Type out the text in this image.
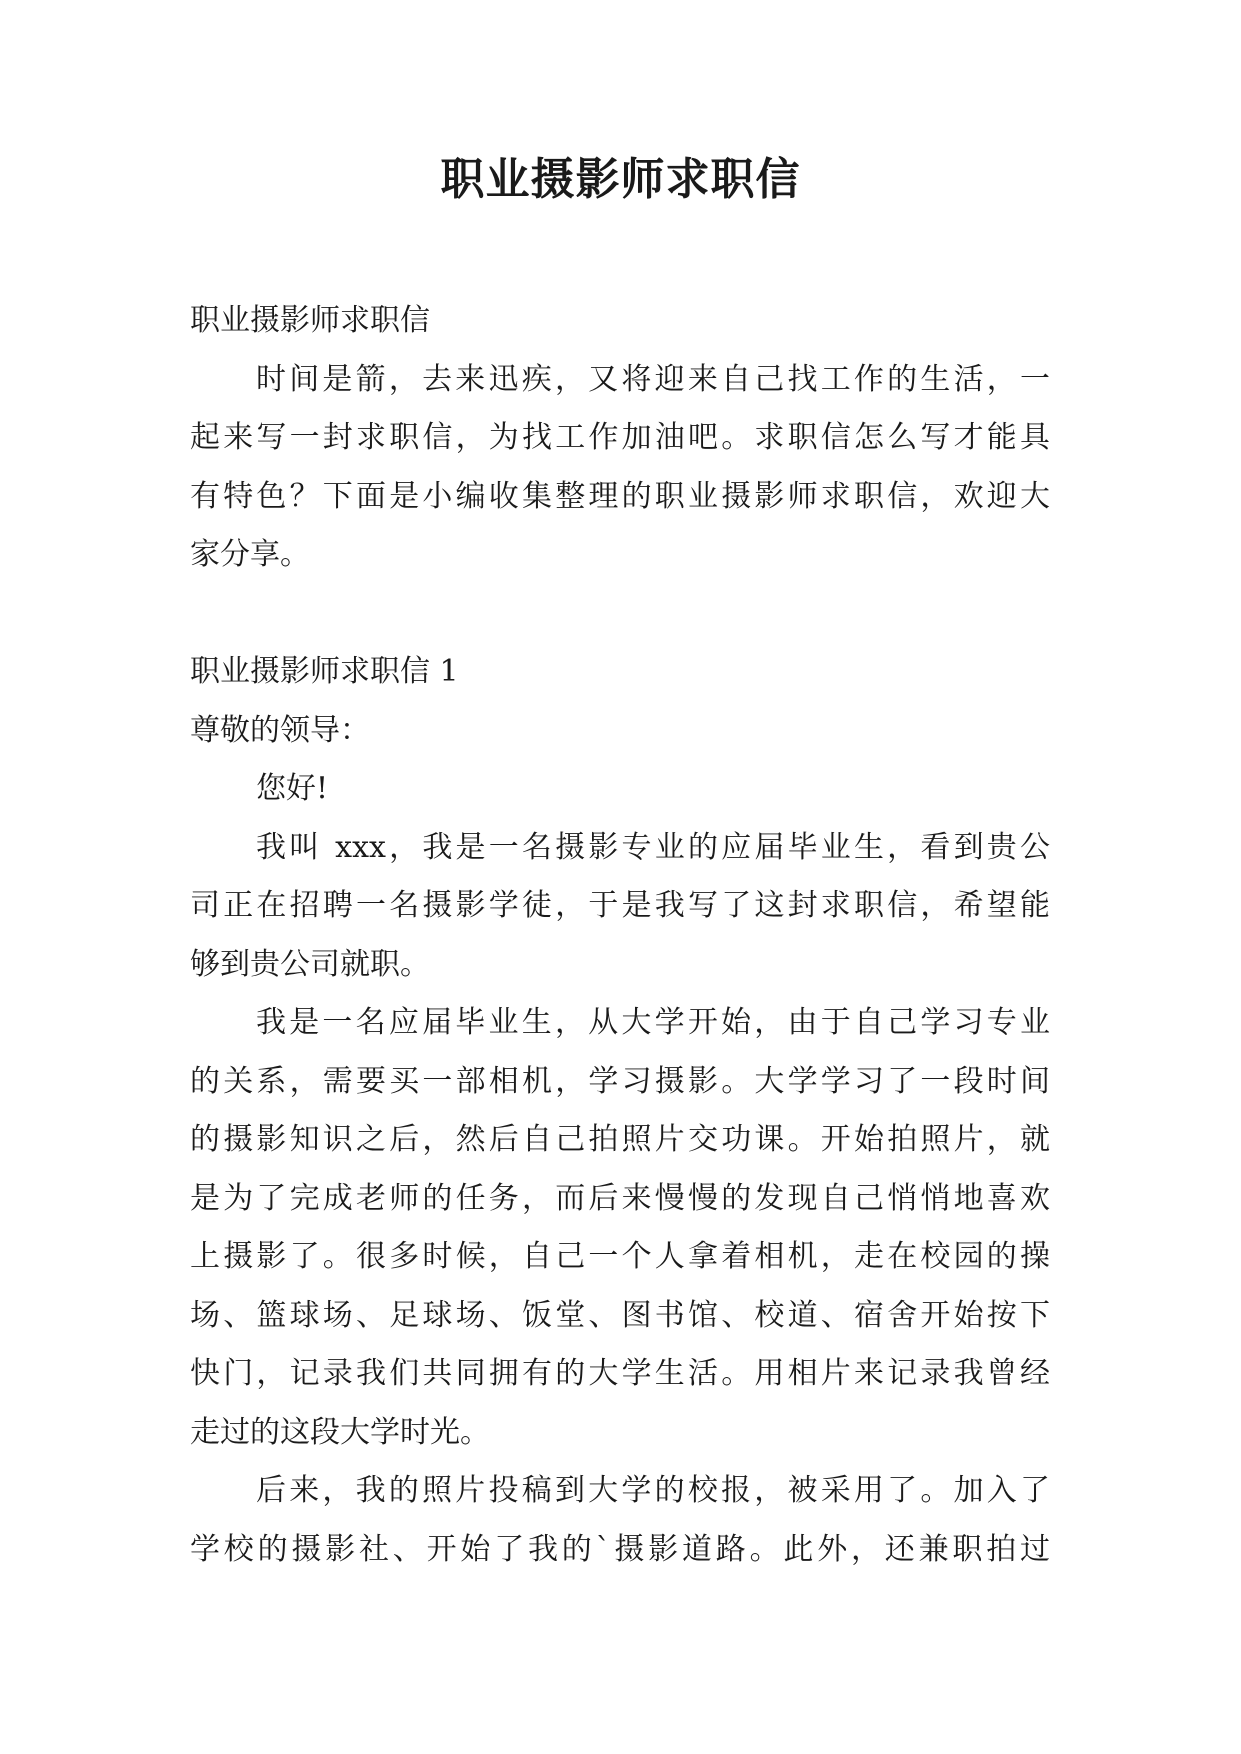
职业摄影师求职信
职业摄影师求职信
时间是箭，去来迅疾，又将迎来自己找工作的生活，一
起来写一封求职信，为找工作加油吧。求职信怎么写才能具
有特色？下面是小编收集整理的职业摄影师求职信，欢迎大
家分享。
职业摄影师求职信 1
尊敬的领导：
您好!
我叫 xxx，我是一名摄影专业的应届毕业生，看到贵公
司正在招聘一名摄影学徒，于是我写了这封求职信，希望能
够到贵公司就职。
我是一名应届毕业生，从大学开始，由于自己学习专业
的关系，需要买一部相机，学习摄影。大学学习了一段时间
的摄影知识之后，然后自己拍照片交功课。开始拍照片，就
是为了完成老师的任务，而后来慢慢的发现自己悄悄地喜欢
上摄影了。很多时候，自己一个人拿着相机，走在校园的操
场、篮球场、足球场、饭堂、图书馆、校道、宿舍开始按下
快门，记录我们共同拥有的大学生活。用相片来记录我曾经
走过的这段大学时光。
后来，我的照片投稿到大学的校报，被采用了。加入了
学校的摄影社、开始了我的`摄影道路。此外，还兼职拍过
